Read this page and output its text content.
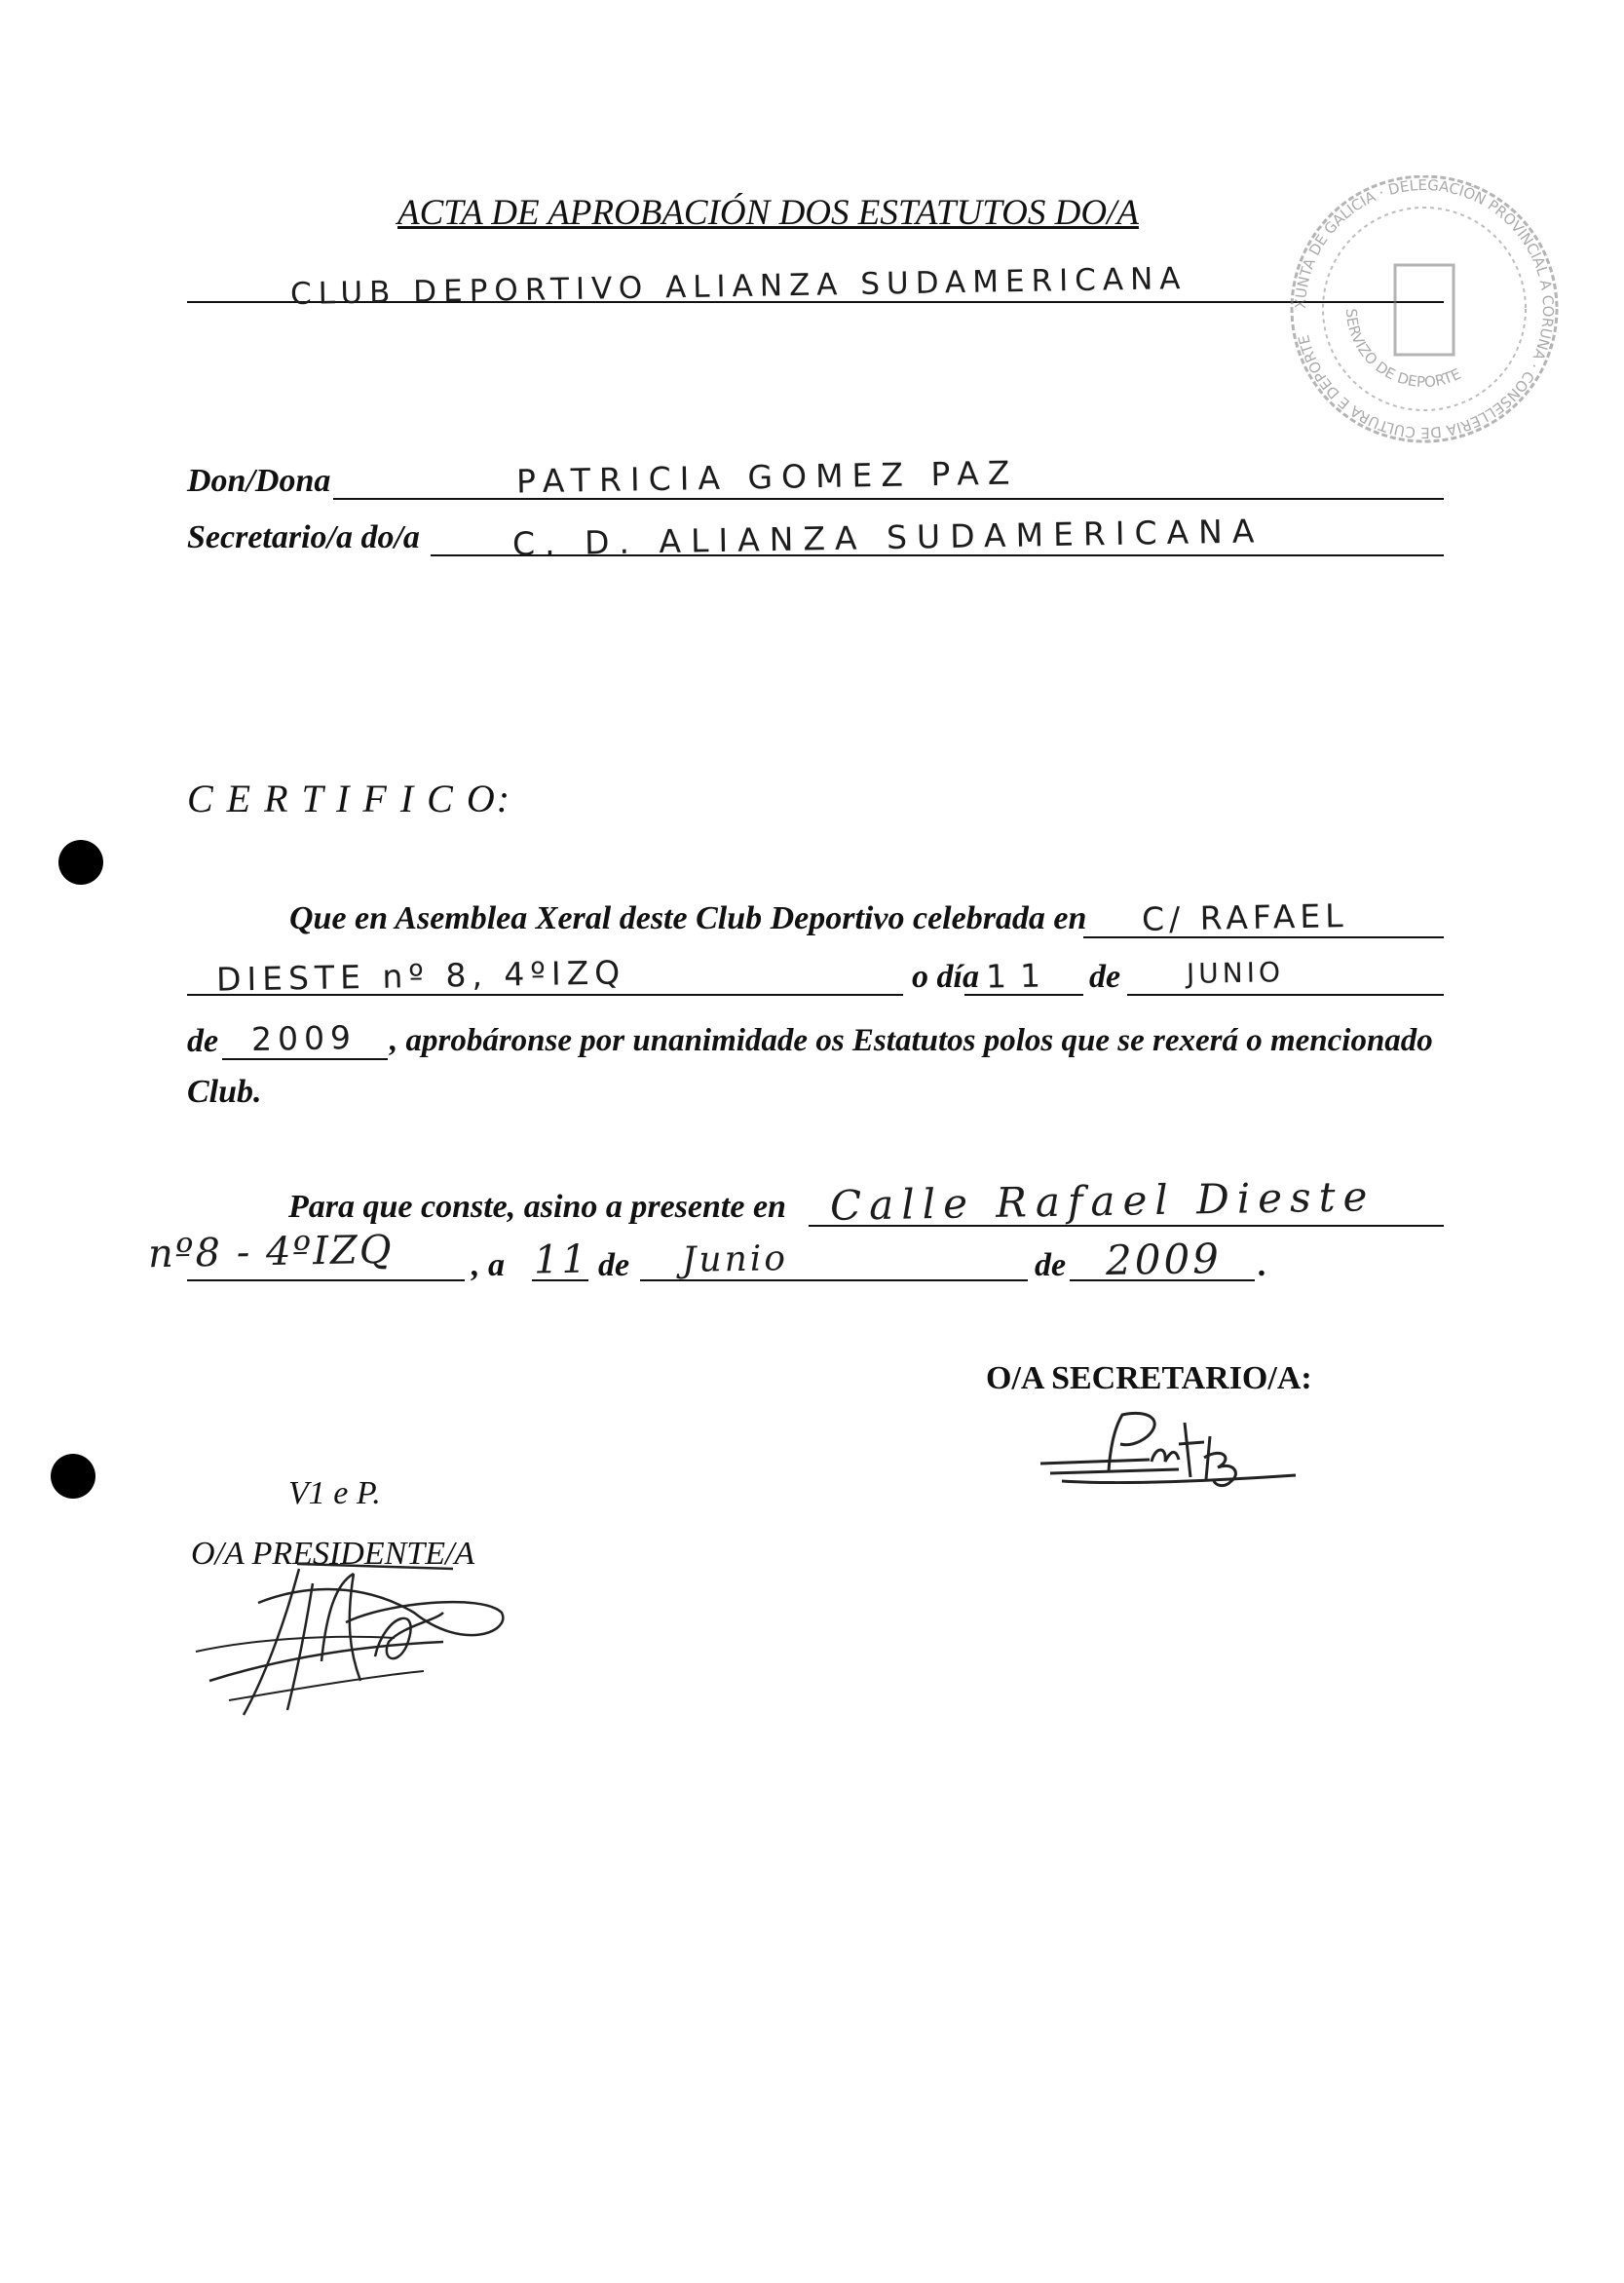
ACTA DE APROBACIÓN DOS ESTATUTOS DO/A
CLUB DEPORTIVO ALIANZA SUDAMERICANA	XUNTA DE GALICIA · DELEGACIÓN PROVINCIAL A CORUÑA · CONSELLERÍA DE CULTURA E DEPORTE
SERVIZO DE DEPORTE
Don/Dona	PATRICIA GOMEZ PAZ
Secretario/a do/a	C. D. ALIANZA SUDAMERICANA
C E R T I F I C O:
Que en Asemblea Xeral deste Club Deportivo celebrada en C/ RAFAEL
DIESTE nº 8, 4ºIZQ	o día 11 de JUNIO
de 2009 , aprobáronse por unanimidade os Estatutos polos que se rexerá o mencionado
Club.
Para que conste, asino a presente en Calle Rafael Dieste
nº8 - 4ºIZQ , a 11 de Junio	de 2009 .
O/A SECRETARIO/A:
V1 e P.
O/A PRESIDENTE/A
